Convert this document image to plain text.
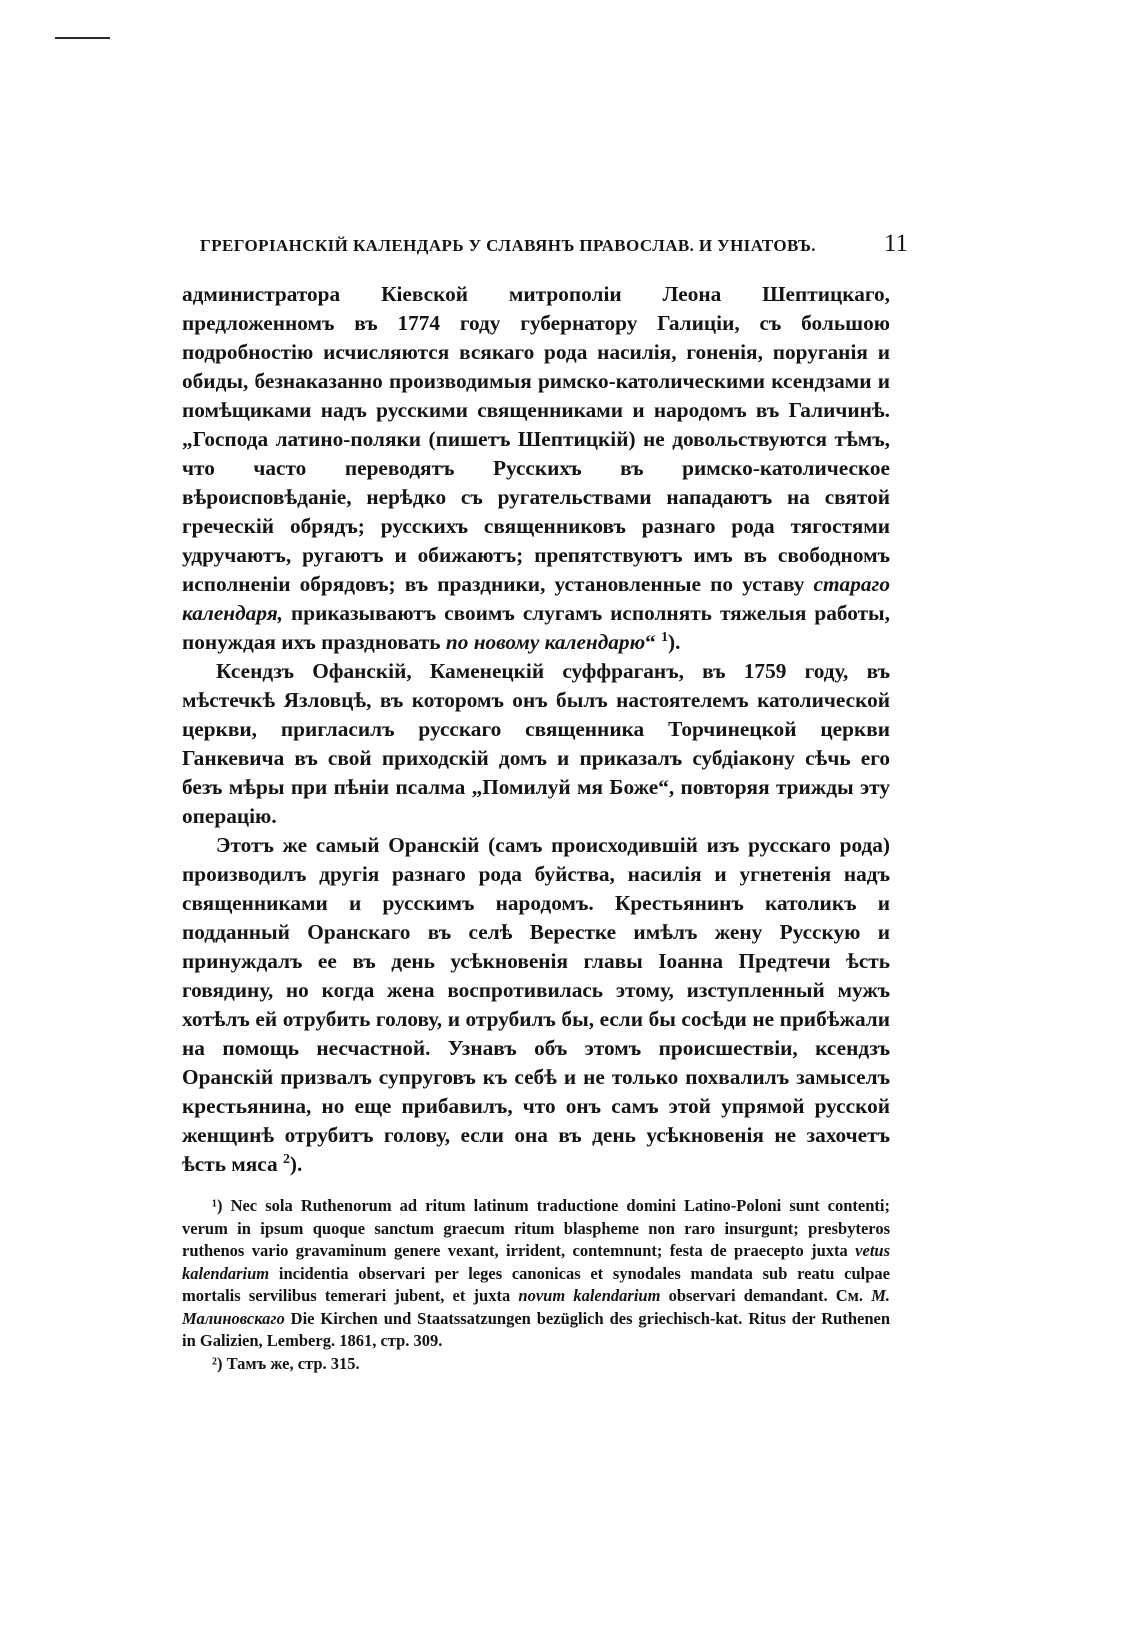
ГРЕГОРІАНСКІЙ КАЛЕНДАРЬ У СЛАВЯНЪ ПРАВОСЛАВ. И УНІАТОВЪ.	11

администратора Кіевской митрополіи Леона Шептицкаго, предложенномъ въ 1774 году губернатору Галиціи, съ большою подробностію исчисляются всякаго рода насилія, гоненія, поруганія и обиды, безнаказанно производимыя римско-католическими ксендзами и помѣщиками надъ русскими священниками и народомъ въ Галичинѣ. „Господа латино-поляки (пишетъ Шептицкій) не довольствуются тѣмъ, что часто переводятъ Русскихъ въ римско-католическое вѣроисповѣданіе, нерѣдко съ ругательствами нападаютъ на святой греческій обрядъ; русскихъ священниковъ разнаго рода тягостями удручаютъ, ругаютъ и обижаютъ; препятствуютъ имъ въ свободномъ исполненіи обрядовъ; въ праздники, установленные по уставу стараго календаря, приказываютъ своимъ слугамъ исполнять тяжелыя работы, понуждая ихъ праздновать по новому календарю“ $^1$).

Ксендзъ Офанскій, Каменецкій суффраганъ, въ 1759 году, въ мѣстечкѣ Язловцѣ, въ которомъ онъ былъ настоятелемъ католической церкви, пригласилъ русскаго священника Торчинецкой церкви Ганкевича въ свой приходскій домъ и приказалъ субдіакону сѣчь его безъ мѣры при пѣніи псалма „Помилуй мя Боже“, повторяя трижды эту операцію.

Этотъ же самый Оранскій (самъ происходившій изъ русскаго рода) производилъ другія разнаго рода буйства, насилія и угнетенія надъ священниками и русскимъ народомъ. Крестьянинъ католикъ и подданный Оранскаго въ селѣ Верестке имѣлъ жену Русскую и принуждалъ ее въ день усѣкновенія главы Іоанна Предтечи ѣсть говядину, но когда жена воспротивилась этому, изступленный мужъ хотѣлъ ей отрубить голову, и отрубилъ бы, если бы сосѣди не прибѣжали на помощь несчастной. Узнавъ объ этомъ происшествіи, ксендзъ Оранскій призвалъ супруговъ къ себѣ и не только похвалилъ замыселъ крестьянина, но еще прибавилъ, что онъ самъ этой упрямой русской женщинѣ отрубитъ голову, если она въ день усѣкновенія не захочетъ ѣсть мяса $^2$).

¹) Nec sola Ruthenorum ad ritum latinum traductione domini Latino-Poloni sunt contenti; verum in ipsum quoque sanctum graecum ritum blaspheme non raro insurgunt; presbyteros ruthenos vario gravaminum genere vexant, irrident, contemnunt; festa de praecepto juxta vetus kalendarium incidentia observari per leges canonicas et synodales mandata sub reatu culpae mortalis servilibus temerari jubent, et juxta novum kalendarium observari demandant. См. М. Малиновскаго Die Kirchen und Staatssatzungen bezüglich des griechisch-kat. Ritus der Ruthenen in Galizien, Lemberg. 1861, стр. 309.

²) Тамъ же, стр. 315.
